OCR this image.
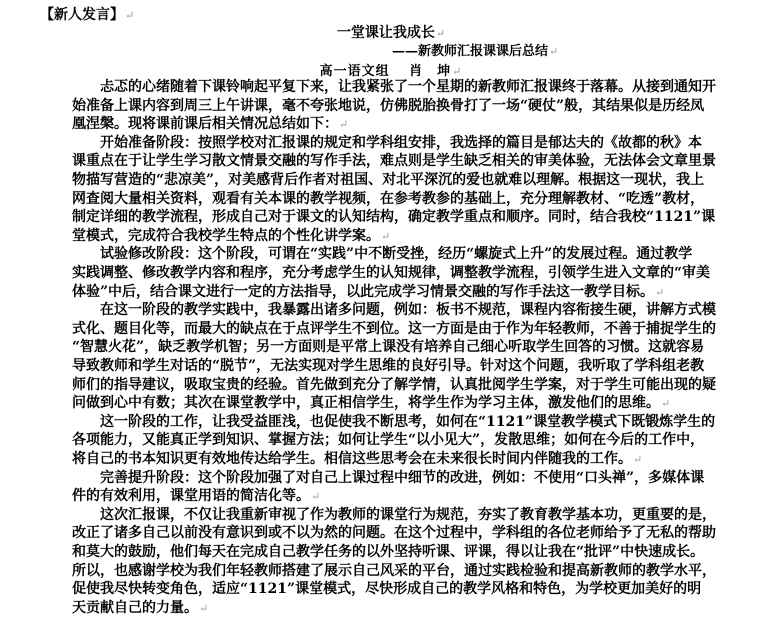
【新人发言】↵
一堂课让我成长↵
——新教师汇报课课后总结↵
高一语文组　 肖　坤↵
忐忑的心绪随着下课铃响起平复下来，让我紧张了一个星期的新教师汇报课终于落幕。从接到通知开
始准备上课内容到周三上午讲课，毫不夸张地说，仿佛脱胎换骨打了一场“硬仗”般，其结果似是历经凤
凰涅槃。现将课前课后相关情况总结如下：↵
开始准备阶段：按照学校对汇报课的规定和学科组安排，我选择的篇目是郁达夫的《故都的秋》本
课重点在于让学生学习散文情景交融的写作手法，难点则是学生缺乏相关的审美体验，无法体会文章里景
物描写营造的“悲凉美”，对美感背后作者对祖国、对北平深沉的爱也就难以理解。根据这一现状，我上
网查阅大量相关资料，观看有关本课的教学视频，在参考教参的基础上，充分理解教材、“吃透”教材，
制定详细的教学流程，形成自己对于课文的认知结构，确定教学重点和顺序。同时，结合我校“1121”课
堂模式，完成符合我校学生特点的个性化讲学案。↵
试验修改阶段：这个阶段，可谓在“实践”中不断受挫，经历“螺旋式上升”的发展过程。通过教学
实践调整、修改教学内容和程序，充分考虑学生的认知规律，调整教学流程，引领学生进入文章的“审美
体验”中后，结合课文进行一定的方法指导，以此完成学习情景交融的写作手法这一教学目标。↵
在这一阶段的教学实践中，我暴露出诸多问题，例如：板书不规范，课程内容衔接生硬，讲解方式模
式化、题目化等，而最大的缺点在于点评学生不到位。这一方面是由于作为年轻教师，不善于捕捉学生的
“智慧火花”，缺乏教学机智；另一方面则是平常上课没有培养自己细心听取学生回答的习惯。这就容易
导致教师和学生对话的“脱节”，无法实现对学生思维的良好引导。针对这个问题，我听取了学科组老教
师们的指导建议，吸取宝贵的经验。首先做到充分了解学情，认真批阅学生学案，对于学生可能出现的疑
问做到心中有数；其次在课堂教学中，真正相信学生，将学生作为学习主体，激发他们的思维。↵
这一阶段的工作，让我受益匪浅，也促使我不断思考，如何在“1121”课堂教学模式下既锻炼学生的
各项能力，又能真正学到知识、掌握方法；如何让学生“以小见大”，发散思维；如何在今后的工作中，
将自己的书本知识更有效地传达给学生。相信这些思考会在未来很长时间内伴随我的工作。↵
完善提升阶段：这个阶段加强了对自己上课过程中细节的改进，例如：不使用“口头禅”，多媒体课
件的有效利用，课堂用语的简洁化等。↵
这次汇报课，不仅让我重新审视了作为教师的课堂行为规范，夯实了教育教学基本功，更重要的是，
改正了诸多自己以前没有意识到或不以为然的问题。在这个过程中，学科组的各位老师给予了无私的帮助
和莫大的鼓励，他们每天在完成自己教学任务的以外坚持听课、评课，得以让我在“批评”中快速成长。
所以，也感谢学校为我们年轻教师搭建了展示自己风采的平台，通过实践检验和提高新教师的教学水平，
促使我尽快转变角色，适应“1121”课堂模式，尽快形成自己的教学风格和特色，为学校更加美好的明
天贡献自己的力量。↵
